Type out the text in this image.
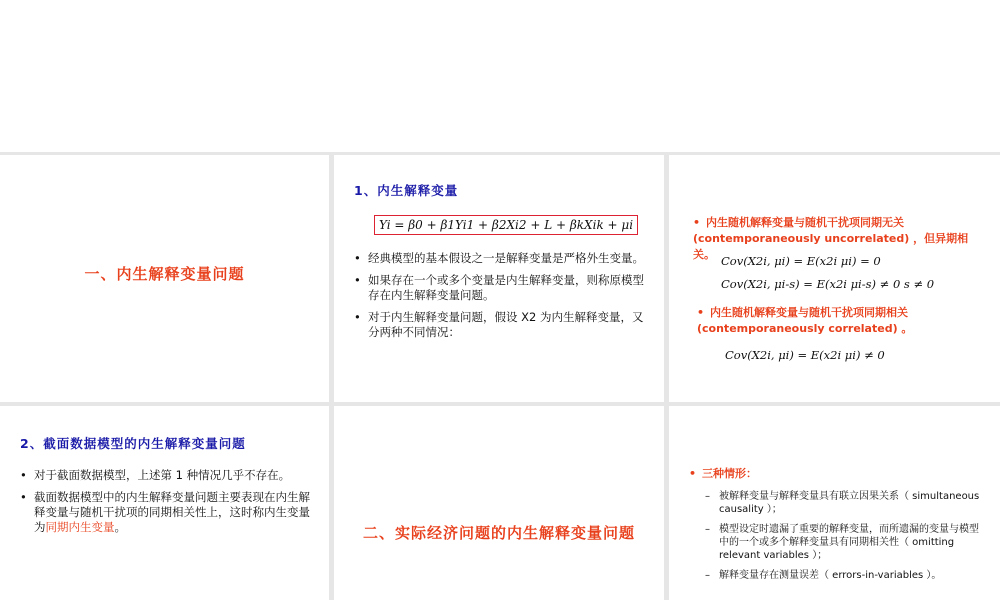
一、内生解释变量问题
1、内生解释变量
Yi = β0 + β1Yi1 + β2Xi2 + L + βkXik + μi
• 经典模型的基本假设之一是解释变量是严格外生变量。
• 如果存在一个或多个变量是内生解释变量，则称原模型存在内生解释变量问题。
• 对于内生解释变量问题，假设 X2 为内生解释变量，又分两种不同情况：
• 内生随机解释变量与随机干扰项同期无关 (contemporaneously uncorrelated) ，但异期相关。 Cov(X2i, μi) = E(x2i μi) = 0
Cov(X2i, μi-s) = E(x2i μi-s) ≠ 0 s ≠ 0
• 内生随机解释变量与随机干扰项同期相关 (contemporaneously correlated) 。
Cov(X2i, μi) = E(x2i μi) ≠ 0
2、截面数据模型的内生解释变量问题
• 对于截面数据模型，上述第 1 种情况几乎不存在。
• 截面数据模型中的内生解释变量问题主要表现在内生解释变量与随机干扰项的同期相关性上，这时称内生变量为同期内生变量。	二、实际经济问题的内生解释变量问题
• 三种情形：
– 被解释变量与解释变量具有联立因果关系（ simultaneous causality ）；
– 模型设定时遗漏了重要的解释变量，而所遗漏的变量与模型中的一个或多个解释变量具有同期相关性（ omitting relevant variables ）；
– 解释变量存在测量误差（ errors-in-variables ）。
